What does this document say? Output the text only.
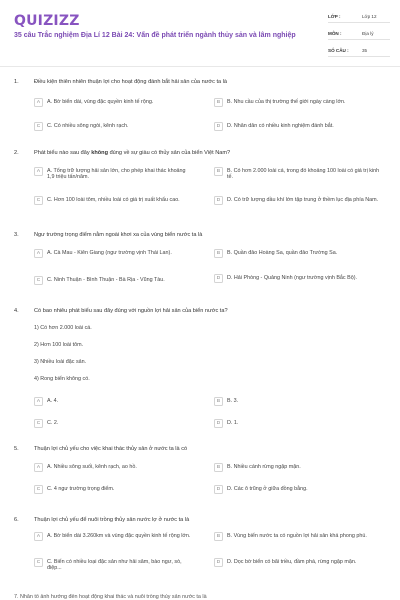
QUIZIZZ
35 câu Trắc nghiệm Địa Lí 12 Bài 24: Vấn đề phát triển ngành thủy sản và lâm nghiệp
LỚP :	Lớp 12
MÔN :	Địa lý
SỐ CÂU :	35
1.	Điều kiện thiên nhiên thuận lợi cho hoạt động đánh bắt hải sản của nước ta là
A	A. Bờ biển dài, vùng đặc quyền kinh tế rộng.	B	B. Nhu cầu của thị trường thế giới ngày càng lớn.
C	C. Có nhiều sông ngòi, kênh rạch.	D	D. Nhân dân có nhiều kinh nghiệm đánh bắt.
2.	Phát biểu nào sau đây không đúng về sự giàu có thủy sản của biển Việt Nam?
A	A. Tổng trữ lượng hải sản lớn, cho phép khai thác khoảng 1,9 triệu tấn/năm.
B	B. Có hơn 2.000 loài cá, trong đó khoảng 100 loài có giá trị kinh tế.
C	C. Hơn 100 loài tôm, nhiều loài có giá trị xuất khẩu cao.	D	D. Có trữ lượng dầu khí lớn tập trung ở thềm lục địa phía Nam.
3.	Ngư trường trọng điểm nằm ngoài khơi xa của vùng biển nước ta là
A	A. Cà Mau - Kiên Giang (ngư trường vịnh Thái Lan).	B	B. Quần đảo Hoàng Sa, quần đảo Trường Sa.
C	C. Ninh Thuận - Bình Thuận - Bà Rịa - Vũng Tàu.	D	D. Hải Phòng - Quảng Ninh (ngư trường vịnh Bắc Bộ).
4.	Có bao nhiêu phát biểu sau đây đúng với nguồn lợi hải sản của biển nước ta?
1) Có hơn 2.000 loài cá.
2) Hơn 100 loài tôm.
3) Nhiều loài đặc sản.
4) Rong biển không có.
A	A. 4.	B	B. 3.
C	C. 2.	D	D. 1.
5.	Thuận lợi chủ yếu cho việc khai thác thủy sản ở nước ta là có
A	A. Nhiều sông suối, kênh rạch, ao hồ.	B	B. Nhiều cánh rừng ngập mặn.
C	C. 4 ngư trường trọng điểm.	D	D. Các ô trũng ở giữa đồng bằng.
6.	Thuận lợi chủ yếu để nuôi trồng thủy sản nước lợ ở nước ta là
A	A. Bờ biển dài 3.260km và vùng đặc quyền kinh tế rộng lớn.	B	B. Vùng biển nước ta có nguồn lợi hải sản khá phong phú.
C	C. Biển có nhiều loại đặc sản như hải sâm, bào ngư, sò, điệp...
D	D. Dọc bờ biển có bãi triều, đầm phá, rừng ngập mặn.
7. Nhân tố ảnh hưởng đến hoạt động khai thác và nuôi trồng thủy sản nước ta là
